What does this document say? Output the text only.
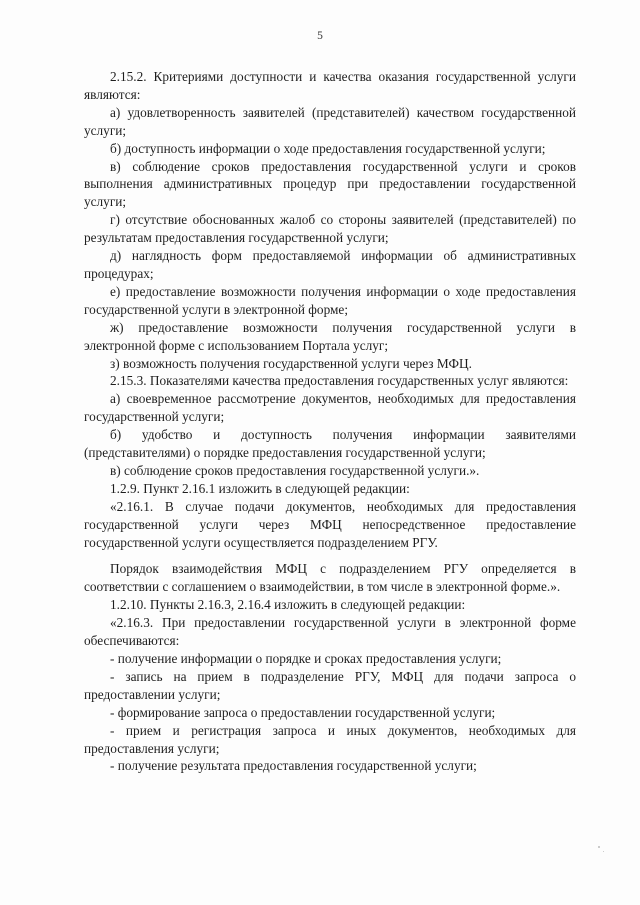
5

2.15.2. Критериями доступности и качества оказания государственной услуги являются:

а) удовлетворенность заявителей (представителей) качеством государственной услуги;

б) доступность информации о ходе предоставления государственной услуги;

в) соблюдение сроков предоставления государственной услуги и сроков выполнения административных процедур при предоставлении государственной услуги;

г) отсутствие обоснованных жалоб со стороны заявителей (представителей) по результатам предоставления государственной услуги;

д) наглядность форм предоставляемой информации об административных процедурах;

е) предоставление возможности получения информации о ходе предоставления государственной услуги в электронной форме;

ж) предоставление возможности получения государственной услуги в электронной форме с использованием Портала услуг;

з) возможность получения государственной услуги через МФЦ.

2.15.3. Показателями качества предоставления государственных услуг являются:

а) своевременное рассмотрение документов, необходимых для предоставления государственной услуги;

б) удобство и доступность получения информации заявителями (представителями) о порядке предоставления государственной услуги;

в) соблюдение сроков предоставления государственной услуги.».

1.2.9. Пункт 2.16.1 изложить в следующей редакции:

«2.16.1. В случае подачи документов, необходимых для предоставления государственной услуги через МФЦ непосредственное предоставление государственной услуги осуществляется подразделением РГУ.

Порядок взаимодействия МФЦ с подразделением РГУ определяется в соответствии с соглашением о взаимодействии, в том числе в электронной форме.».

1.2.10. Пункты 2.16.3, 2.16.4 изложить в следующей редакции:

«2.16.3. При предоставлении государственной услуги в электронной форме обеспечиваются:

- получение информации о порядке и сроках предоставления услуги;

- запись на прием в подразделение РГУ, МФЦ для подачи запроса о предоставлении услуги;

- формирование запроса о предоставлении государственной услуги;

- прием и регистрация запроса и иных документов, необходимых для предоставления услуги;

- получение результата предоставления государственной услуги;
